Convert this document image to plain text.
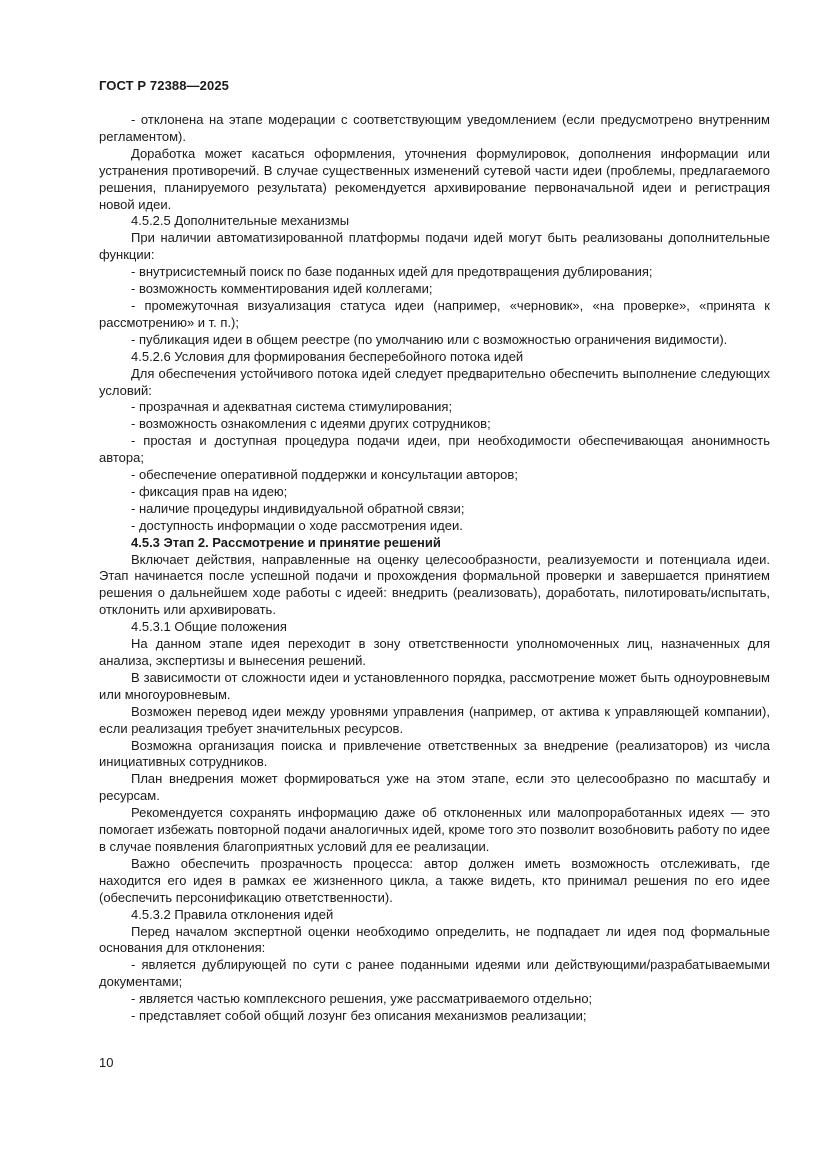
ГОСТ Р 72388—2025

- отклонена на этапе модерации с соответствующим уведомлением (если предусмотрено внутренним регламентом).

Доработка может касаться оформления, уточнения формулировок, дополнения информации или устранения противоречий. В случае существенных изменений сутевой части идеи (проблемы, предлагаемого решения, планируемого результата) рекомендуется архивирование первоначальной идеи и регистрация новой идеи.

4.5.2.5 Дополнительные механизмы

При наличии автоматизированной платформы подачи идей могут быть реализованы дополнительные функции:

- внутрисистемный поиск по базе поданных идей для предотвращения дублирования;

- возможность комментирования идей коллегами;

- промежуточная визуализация статуса идеи (например, «черновик», «на проверке», «принята к рассмотрению» и т. п.);

- публикация идеи в общем реестре (по умолчанию или с возможностью ограничения видимости).

4.5.2.6 Условия для формирования бесперебойного потока идей

Для обеспечения устойчивого потока идей следует предварительно обеспечить выполнение следующих условий:

- прозрачная и адекватная система стимулирования;

- возможность ознакомления с идеями других сотрудников;

- простая и доступная процедура подачи идеи, при необходимости обеспечивающая анонимность автора;

- обеспечение оперативной поддержки и консультации авторов;

- фиксация прав на идею;

- наличие процедуры индивидуальной обратной связи;

- доступность информации о ходе рассмотрения идеи.

4.5.3 Этап 2. Рассмотрение и принятие решений

Включает действия, направленные на оценку целесообразности, реализуемости и потенциала идеи. Этап начинается после успешной подачи и прохождения формальной проверки и завершается принятием решения о дальнейшем ходе работы с идеей: внедрить (реализовать), доработать, пилотировать/испытать, отклонить или архивировать.

4.5.3.1 Общие положения

На данном этапе идея переходит в зону ответственности уполномоченных лиц, назначенных для анализа, экспертизы и вынесения решений.

В зависимости от сложности идеи и установленного порядка, рассмотрение может быть одноуровневым или многоуровневым.

Возможен перевод идеи между уровнями управления (например, от актива к управляющей компании), если реализация требует значительных ресурсов.

Возможна организация поиска и привлечение ответственных за внедрение (реализаторов) из числа инициативных сотрудников.

План внедрения может формироваться уже на этом этапе, если это целесообразно по масштабу и ресурсам.

Рекомендуется сохранять информацию даже об отклоненных или малопроработанных идеях — это помогает избежать повторной подачи аналогичных идей, кроме того это позволит возобновить работу по идее в случае появления благоприятных условий для ее реализации.

Важно обеспечить прозрачность процесса: автор должен иметь возможность отслеживать, где находится его идея в рамках ее жизненного цикла, а также видеть, кто принимал решения по его идее (обеспечить персонификацию ответственности).

4.5.3.2 Правила отклонения идей

Перед началом экспертной оценки необходимо определить, не подпадает ли идея под формальные основания для отклонения:

- является дублирующей по сути с ранее поданными идеями или действующими/разрабатываемыми документами;

- является частью комплексного решения, уже рассматриваемого отдельно;

- представляет собой общий лозунг без описания механизмов реализации;

10
